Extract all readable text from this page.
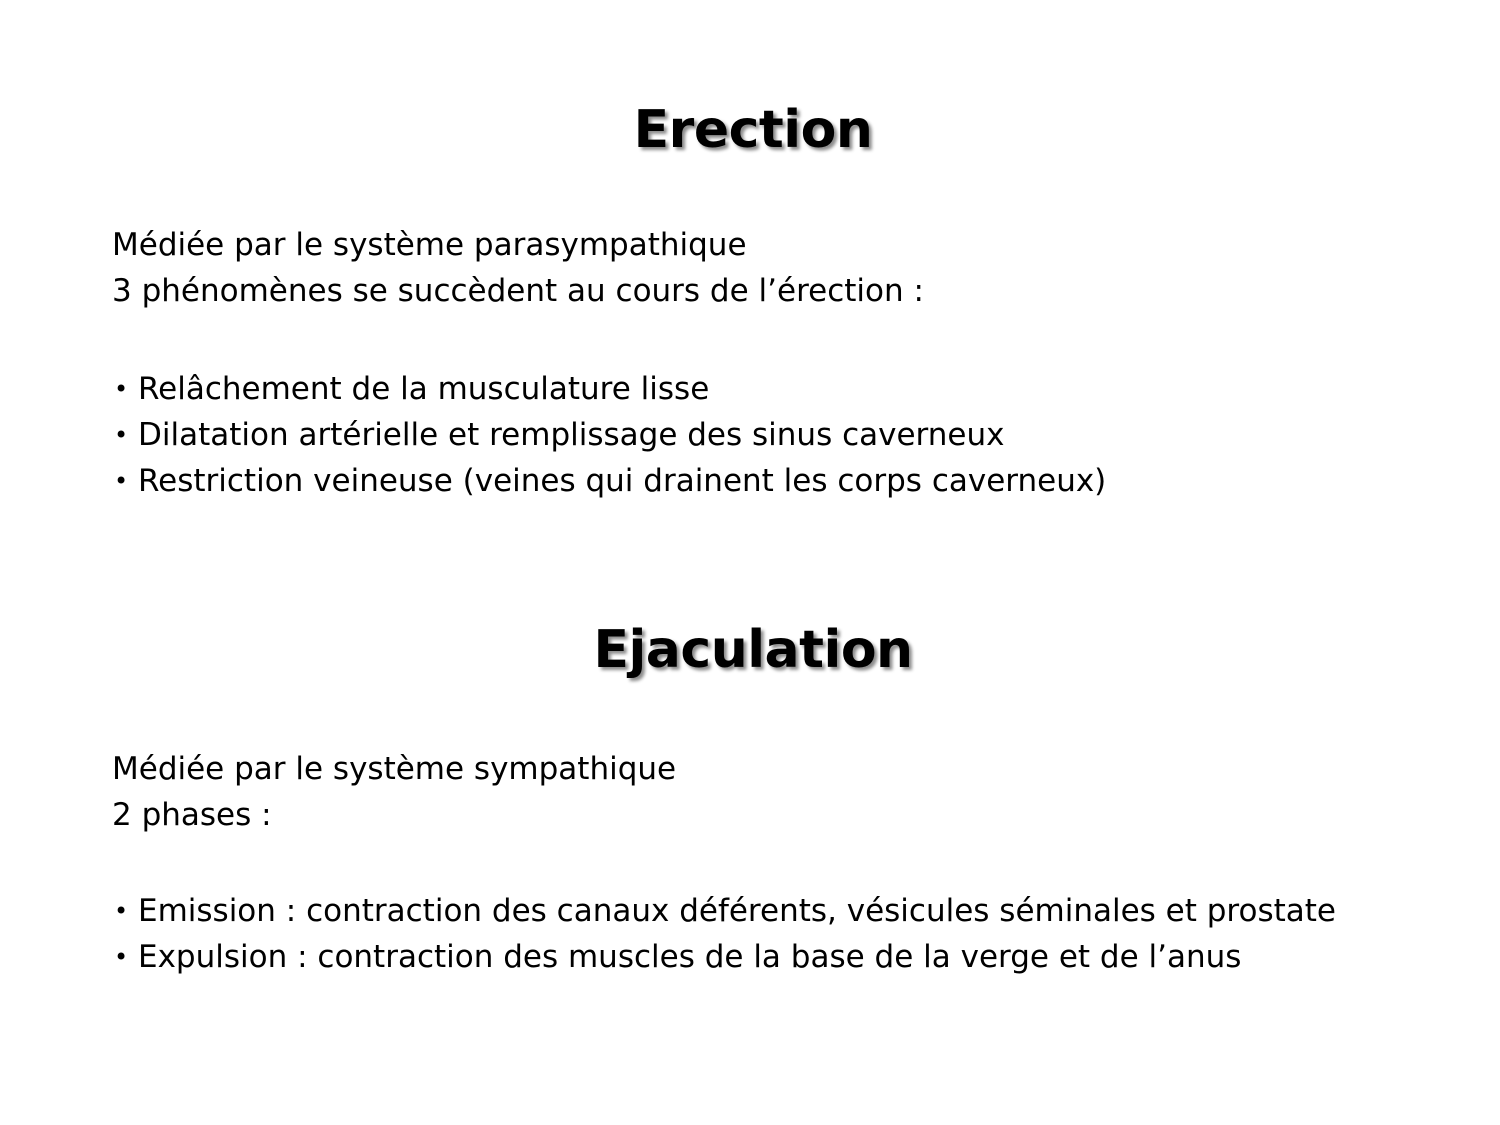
Erection
Médiée par le système parasympathique
3 phénomènes se succèdent au cours de l’érection :
• Relâchement de la musculature lisse
• Dilatation artérielle et remplissage des sinus caverneux
• Restriction veineuse (veines qui drainent les corps caverneux)
Ejaculation
Médiée par le système sympathique
2 phases :
• Emission : contraction des canaux déférents, vésicules séminales et prostate
• Expulsion : contraction des muscles de la base de la verge et de l’anus
